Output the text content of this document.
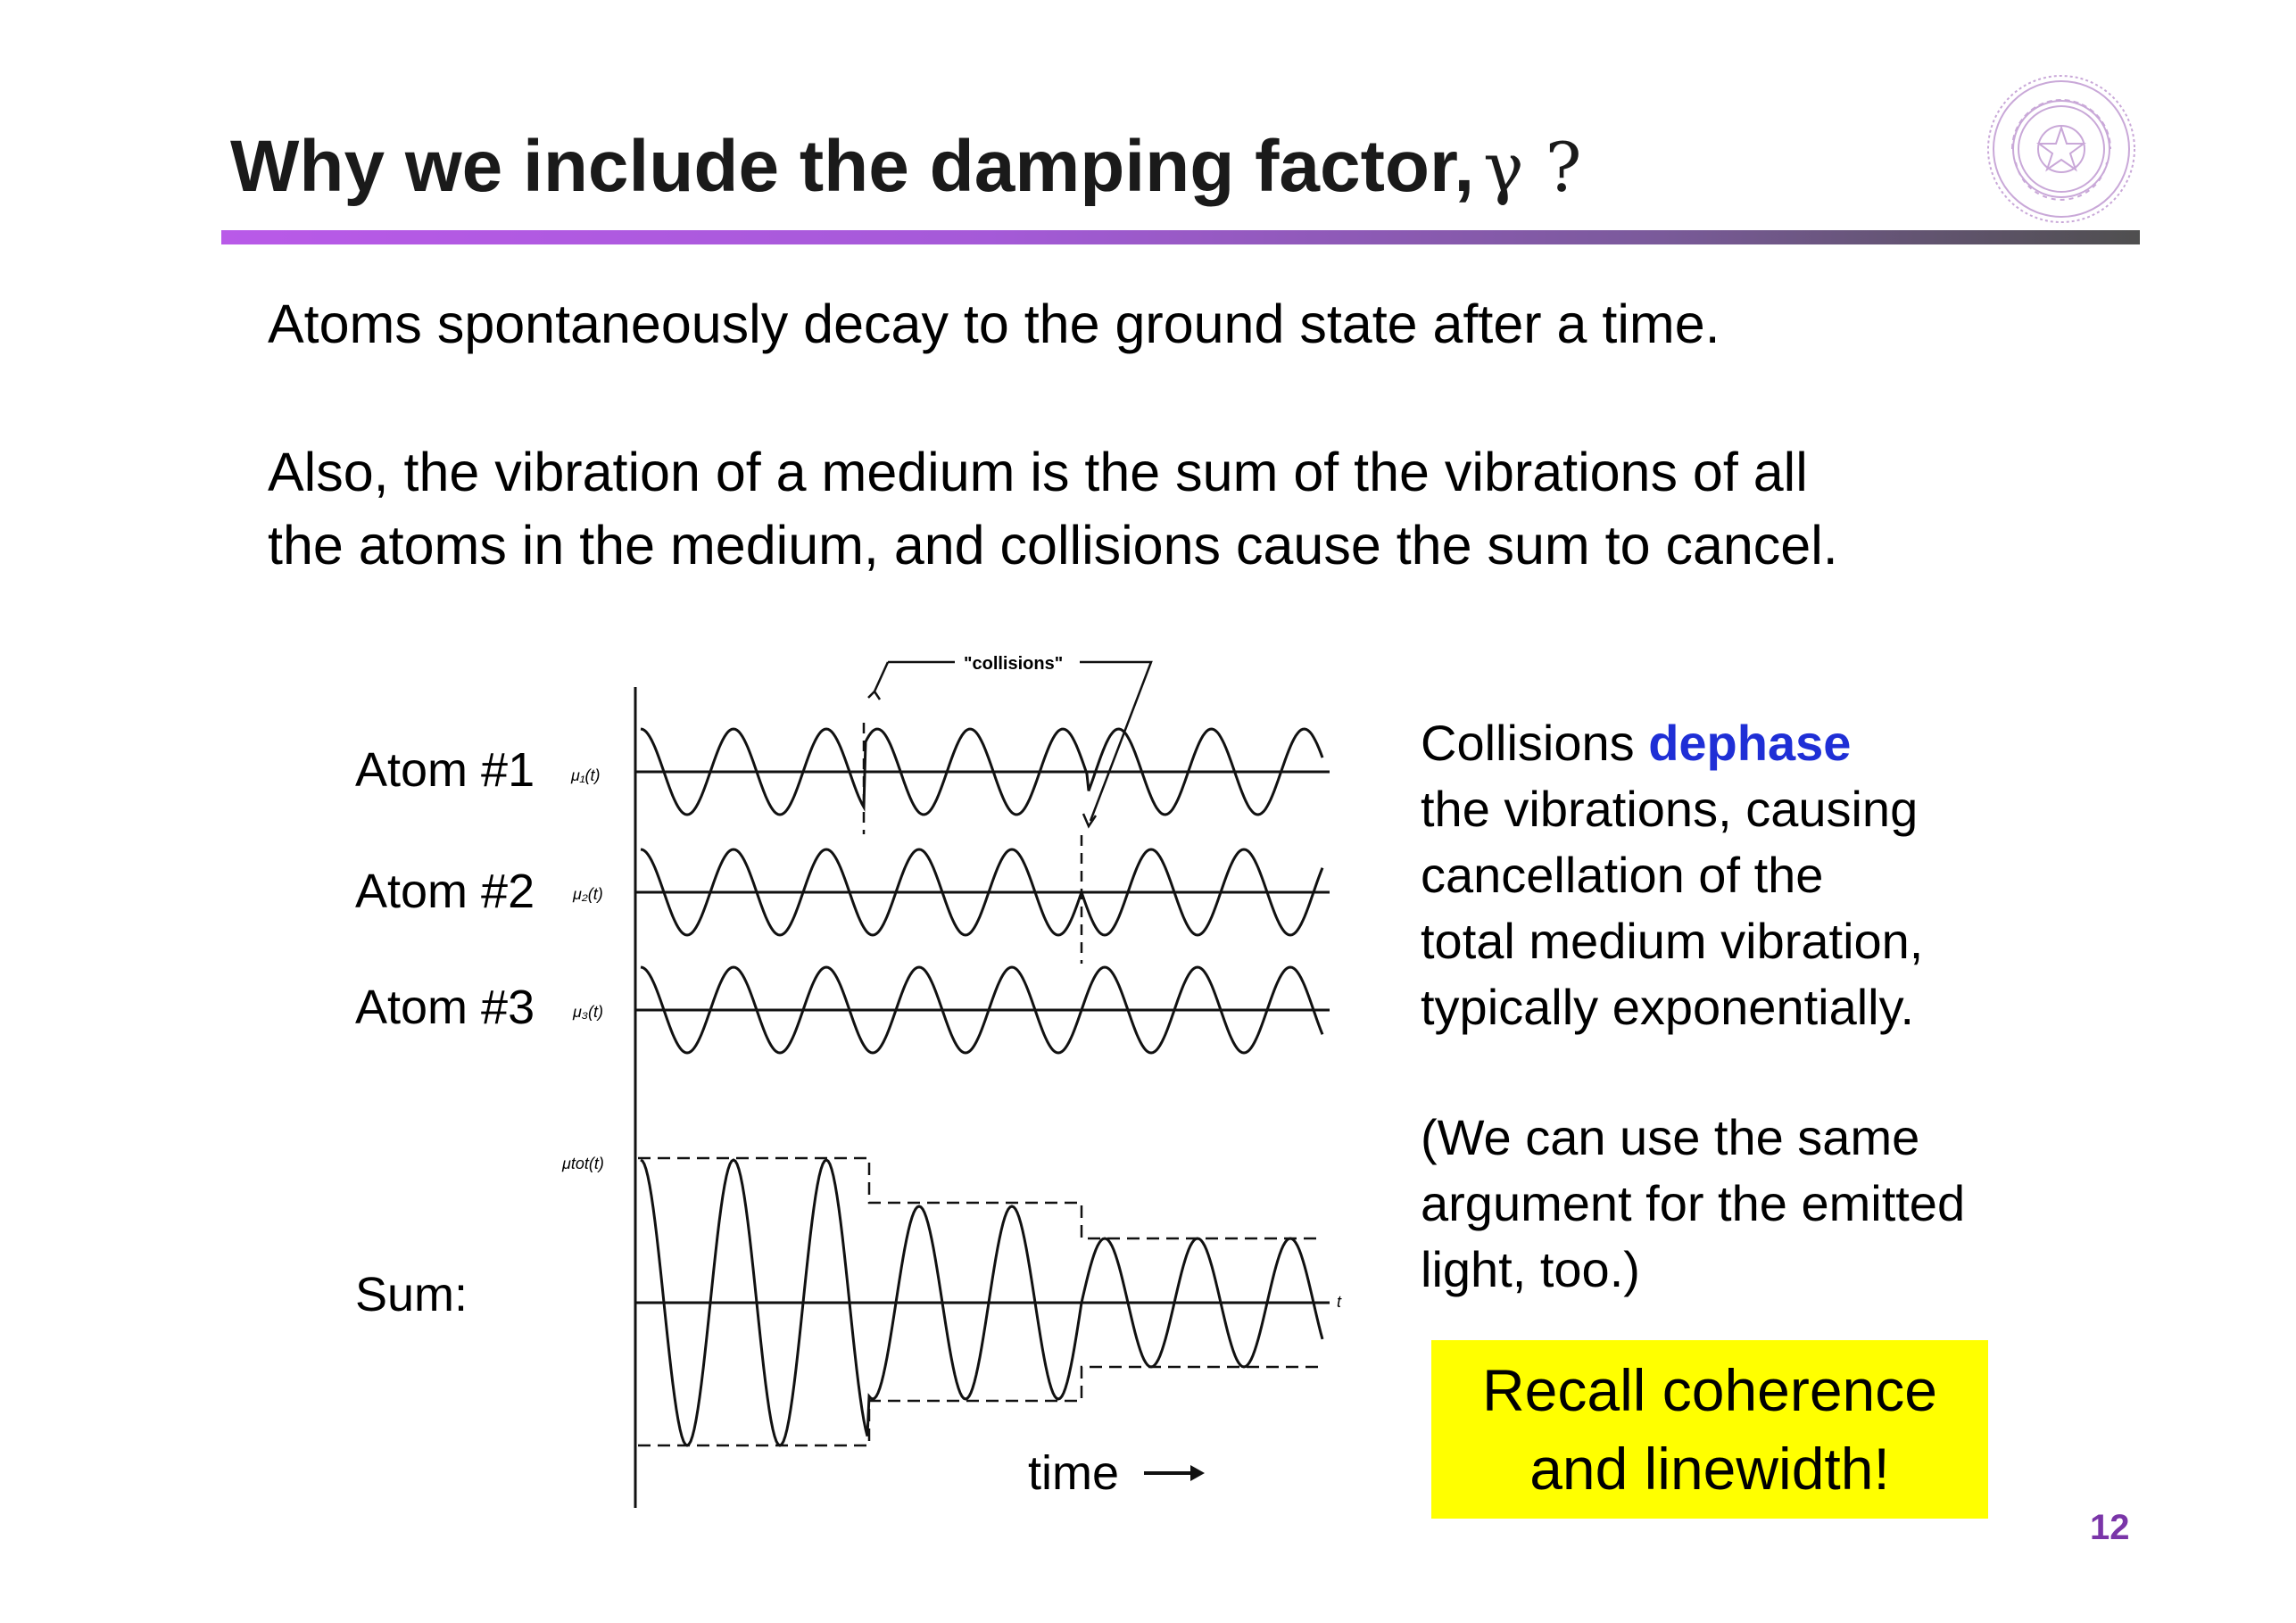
Why we include the damping factor, γ ?
Atoms spontaneously decay to the ground state after a time.
Also, the vibration of a medium is the sum of the vibrations of all
the atoms in the medium, and collisions cause the sum to cancel.
Atom #1
Atom #2
Atom #3
Sum:
"collisions"
μ₁(t)
μ₂(t)
μ₃(t)
μtot(t)
t
time
Collisions dephase
the vibrations, causing
cancellation of the
total medium vibration,
typically exponentially.
(We can use the same
argument for the emitted
light, too.)
Recall coherence
and linewidth!
12
